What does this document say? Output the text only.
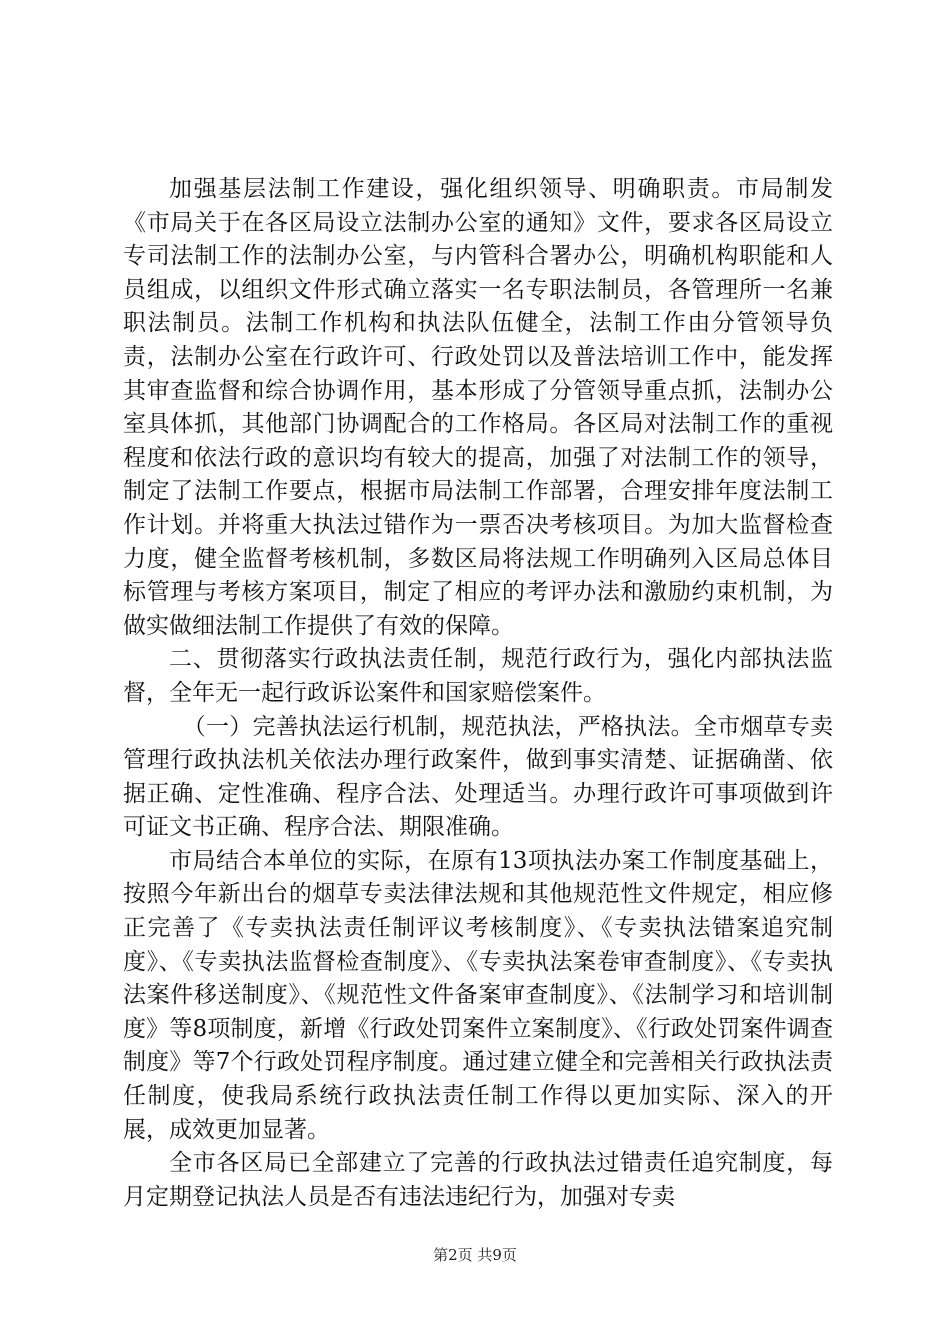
加强基层法制工作建设，强化组织领导、明确职责。市局制发《市局关于在各区局设立法制办公室的通知》文件，要求各区局设立专司法制工作的法制办公室，与内管科合署办公，明确机构职能和人员组成，以组织文件形式确立落实一名专职法制员，各管理所一名兼职法制员。法制工作机构和执法队伍健全，法制工作由分管领导负责，法制办公室在行政许可、行政处罚以及普法培训工作中，能发挥其审查监督和综合协调作用，基本形成了分管领导重点抓，法制办公室具体抓，其他部门协调配合的工作格局。各区局对法制工作的重视程度和依法行政的意识均有较大的提高，加强了对法制工作的领导，制定了法制工作要点，根据市局法制工作部署，合理安排年度法制工作计划。并将重大执法过错作为一票否决考核项目。为加大监督检查力度，健全监督考核机制，多数区局将法规工作明确列入区局总体目标管理与考核方案项目，制定了相应的考评办法和激励约束机制，为做实做细法制工作提供了有效的保障。

二、贯彻落实行政执法责任制，规范行政行为，强化内部执法监督，全年无一起行政诉讼案件和国家赔偿案件。

（一）完善执法运行机制，规范执法，严格执法。全市烟草专卖管理行政执法机关依法办理行政案件，做到事实清楚、证据确凿、依据正确、定性准确、程序合法、处理适当。办理行政许可事项做到许可证文书正确、程序合法、期限准确。

市局结合本单位的实际，在原有13项执法办案工作制度基础上，按照今年新出台的烟草专卖法律法规和其他规范性文件规定，相应修正完善了《专卖执法责任制评议考核制度》、《专卖执法错案追究制度》、《专卖执法监督检查制度》、《专卖执法案卷审查制度》、《专卖执法案件移送制度》、《规范性文件备案审查制度》、《法制学习和培训制度》等8项制度，新增《行政处罚案件立案制度》、《行政处罚案件调查制度》等7个行政处罚程序制度。通过建立健全和完善相关行政执法责任制度，使我局系统行政执法责任制工作得以更加实际、深入的开展，成效更加显著。

全市各区局已全部建立了完善的行政执法过错责任追究制度，每月定期登记执法人员是否有违法违纪行为，加强对专卖

第2页 共9页
